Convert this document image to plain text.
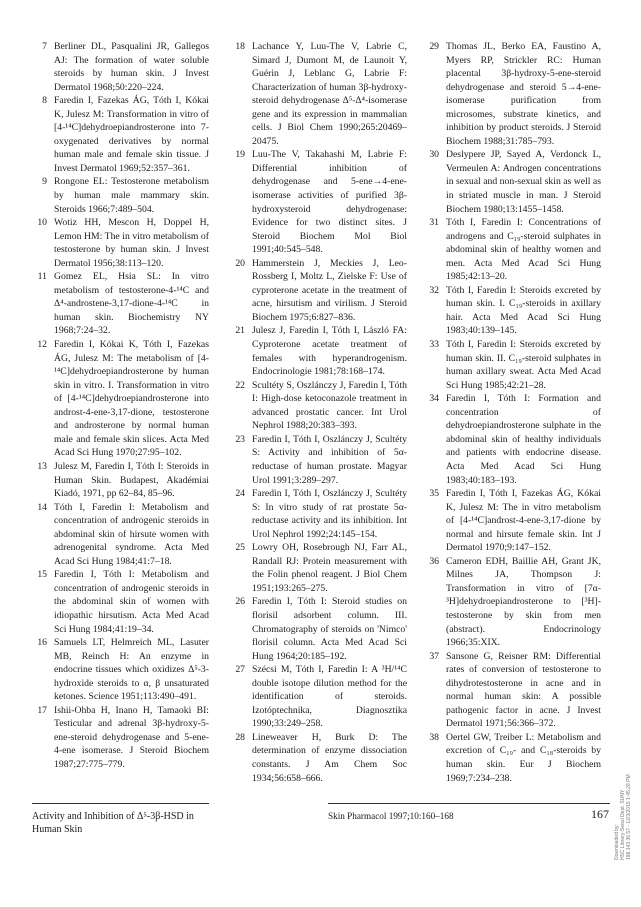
7 Berliner DL, Pasqualini JR, Gallegos AJ: The formation of water soluble steroids by human skin. J Invest Dermatol 1968;50:220–224.

8 Faredin I, Fazekas ÁG, Tóth I, Kókai K, Julesz M: Transformation in vitro of [4-¹⁴C]dehydroepiandrosterone into 7-oxygenated derivatives by normal human male and female skin tissue. J Invest Dermatol 1969;52:357–361.

9 Rongone EL: Testosterone metabolism by human male mammary skin. Steroids 1966;7:489–504.

10 Wotiz HH, Mescon H, Doppel H, Lemon HM: The in vitro metabolism of testosterone by human skin. J Invest Dermatol 1956;38:113–120.

11 Gomez EL, Hsia SL: In vitro metabolism of testosterone-4-¹⁴C and Δ⁴-androstene-3,17-dione-4-¹⁴C in human skin. Biochemistry NY 1968;7:24–32.

12 Faredin I, Kókai K, Tóth I, Fazekas ÁG, Julesz M: The metabolism of [4-¹⁴C]dehydroepiandrosterone by human skin in vitro. I. Transformation in vitro of [4-¹⁴C]dehydroepiandrosterone into androst-4-ene-3,17-dione, testosterone and androsterone by normal human male and female skin slices. Acta Med Acad Sci Hung 1970;27:95–102.

13 Julesz M, Faredin I, Tóth I: Steroids in Human Skin. Budapest, Akadémiai Kiadó, 1971, pp 62–84, 85–96.

14 Tóth I, Faredin I: Metabolism and concentration of androgenic steroids in abdominal skin of hirsute women with adrenogenital syndrome. Acta Med Acad Sci Hung 1984;41:7–18.

15 Faredin I, Tóth I: Metabolism and concentration of androgenic steroids in the abdominal skin of women with idiopathic hirsutism. Acta Med Acad Sci Hung 1984;41:19–34.

16 Samuels LT, Helmreich ML, Lasuter MB, Reinch H: An enzyme in endocrine tissues which oxidizes Δ⁵-3-hydroxide steroids to α, β unsaturated ketones. Science 1951;113:490–491.

17 Ishii-Ohba H, Inano H, Tamaoki BI: Testicular and adrenal 3β-hydroxy-5-ene-steroid dehydrogenase and 5-ene-4-ene isomerase. J Steroid Biochem 1987;27:775–779.

18 Lachance Y, Luu-The V, Labrie C, Simard J, Dumont M, de Launoit Y, Guérin J, Leblanc G, Labrie F: Characterization of human 3β-hydroxy-steroid dehydrogenase Δ⁵-Δ⁴-isomerase gene and its expression in mammalian cells. J Biol Chem 1990;265:20469–20475.

19 Luu-The V, Takahashi M, Labrie F: Differential inhibition of dehydrogenase and 5-ene→4-ene-isomerase activities of purified 3β-hydroxysteroid dehydrogenase: Evidence for two distinct sites. J Steroid Biochem Mol Biol 1991;40:545–548.

20 Hammerstein J, Meckies J, Leo-Rossberg I, Moltz L, Zielske F: Use of cyproterone acetate in the treatment of acne, hirsutism and virilism. J Steroid Biochem 1975;6:827–836.

21 Julesz J, Faredin I, Tóth I, László FA: Cyproterone acetate treatment of females with hyperandrogenism. Endocrinologie 1981;78:168–174.

22 Scultéty S, Oszlánczy J, Faredin I, Tóth I: High-dose ketoconazole treatment in advanced prostatic cancer. Int Urol Nephrol 1988;20:383–393.

23 Faredin I, Tóth I, Oszlánczy J, Scultéty S: Activity and inhibition of 5α-reductase of human prostate. Magyar Urol 1991;3:289–297.

24 Faredin I, Tóth I, Oszlánczy J, Scultéty S: In vitro study of rat prostate 5α-reductase activity and its inhibition. Int Urol Nephrol 1992;24:145–154.

25 Lowry OH, Rosebrough NJ, Farr AL, Randall RJ: Protein measurement with the Folin phenol reagent. J Biol Chem 1951;193:265–275.

26 Faredin I, Tóth I: Steroid studies on florisil adsorbent column. III. Chromatography of steroids on 'Nimco' florisil column. Acta Med Acad Sci Hung 1964;20:185–192.

27 Szécsi M, Tóth I, Faredin I: A ³H/¹⁴C double isotope dilution method for the identification of steroids. Izotóptechnika, Diagnosztika 1990;33:249–258.

28 Lineweaver H, Burk D: The determination of enzyme dissociation constants. J Am Chem Soc 1934;56:658–666.

29 Thomas JL, Berko EA, Faustino A, Myers RP, Strickler RC: Human placental 3β-hydroxy-5-ene-steroid dehydrogenase and steroid 5→4-ene-isomerase purification from microsomes, substrate kinetics, and inhibition by product steroids. J Steroid Biochem 1988;31:785–793.

30 Deslypere JP, Sayed A, Verdonck L, Vermeulen A: Androgen concentrations in sexual and non-sexual skin as well as in striated muscle in man. J Steroid Biochem 1980;13:1455–1458.

31 Tóth I, Faredin I: Concentrations of androgens and C₁₉-steroid sulphates in abdominal skin of healthy women and men. Acta Med Acad Sci Hung 1985;42:13–20.

32 Tóth I, Faredin I: Steroids excreted by human skin. I. C₁₉-steroids in axillary hair. Acta Med Acad Sci Hung 1983;40:139–145.

33 Tóth I, Faredin I: Steroids excreted by human skin. II. C₁₉-steroid sulphates in human axillary sweat. Acta Med Acad Sci Hung 1985;42:21–28.

34 Faredin I, Tóth I: Formation and concentration of dehydroepiandrosterone sulphate in the abdominal skin of healthy individuals and patients with endocrine disease. Acta Med Acad Sci Hung 1983;40:183–193.

35 Faredin I, Tóth I, Fazekas ÁG, Kókai K, Julesz M: The in vitro metabolism of [4-¹⁴C]androst-4-ene-3,17-dione by normal and hirsute female skin. Int J Dermatol 1970;9:147–152.

36 Cameron EDH, Baillie AH, Grant JK, Milnes JA, Thompson J: Transformation in vitro of [7α-³H]dehydroepiandrosterone to [³H]-testosterone by skin from men (abstract). Endocrinology 1966;35:XIX.

37 Sansone G, Reisner RM: Differential rates of conversion of testosterone to dihydrotestosterone in acne and in normal human skin: A possible pathogenic factor in acne. J Invest Dermatol 1971;56:366–372.

38 Oertel GW, Treiber L: Metabolism and excretion of C₁₉- and C₁₈-steroids by human skin. Eur J Biochem 1969;7:234–238.

Activity and Inhibition of Δ⁵-3β-HSD in Human Skin
Skin Pharmacol 1997;10:160–168	167
Downloaded by: HSC Library-Seoul Dept. SUNY 198.143.36.57 - 12/3/2015 1:45:28 PM
